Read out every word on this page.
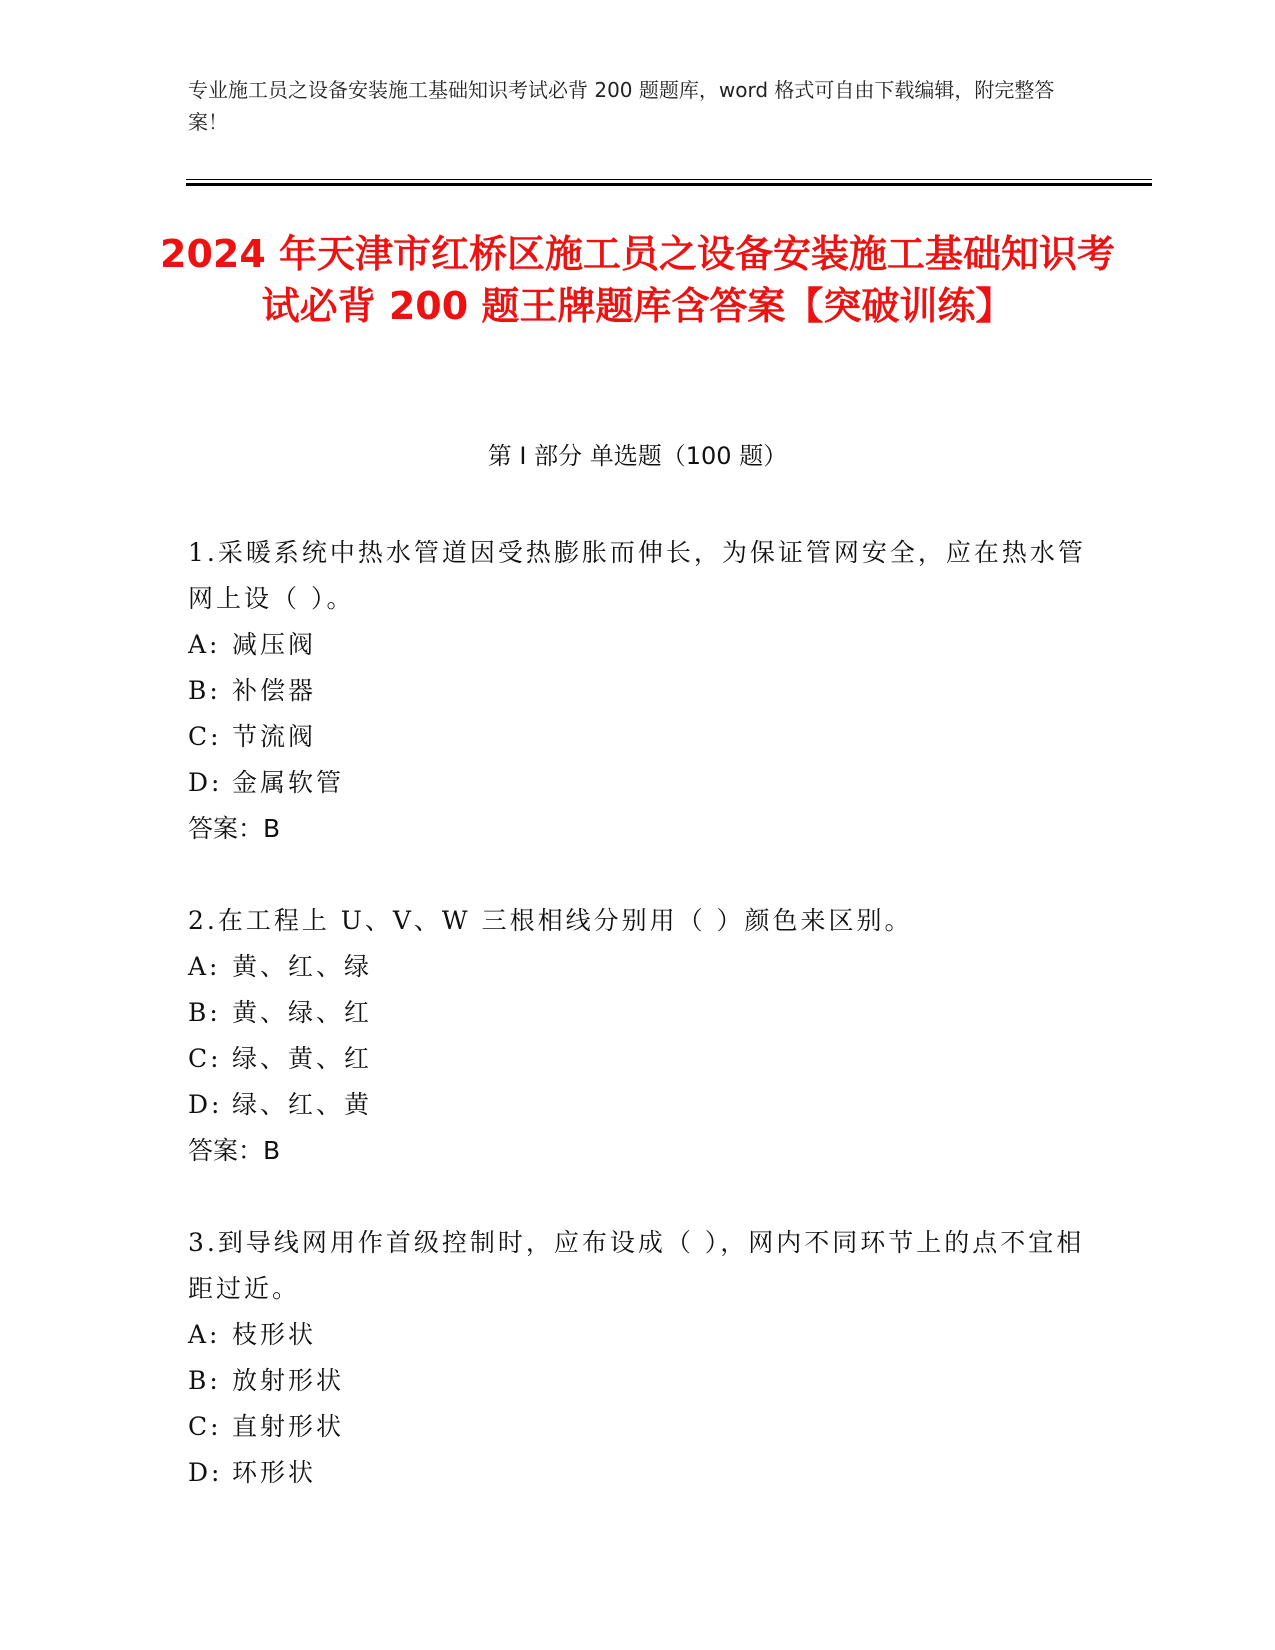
专业施工员之设备安装施工基础知识考试必背 200 题题库，word 格式可自由下载编辑，附完整答案！
2024 年天津市红桥区施工员之设备安装施工基础知识考试必背 200 题王牌题库含答案【突破训练】
第 I 部分 单选题（100 题）
1.采暖系统中热水管道因受热膨胀而伸长，为保证管网安全，应在热水管网上设（ ）。
A: 减压阀
B: 补偿器
C: 节流阀
D: 金属软管
答案：B
2.在工程上 U、V、W 三根相线分别用（ ）颜色来区别。
A: 黄、红、绿
B: 黄、绿、红
C: 绿、黄、红
D: 绿、红、黄
答案：B
3.到导线网用作首级控制时，应布设成（ ），网内不同环节上的点不宜相距过近。
A: 枝形状
B: 放射形状
C: 直射形状
D: 环形状
